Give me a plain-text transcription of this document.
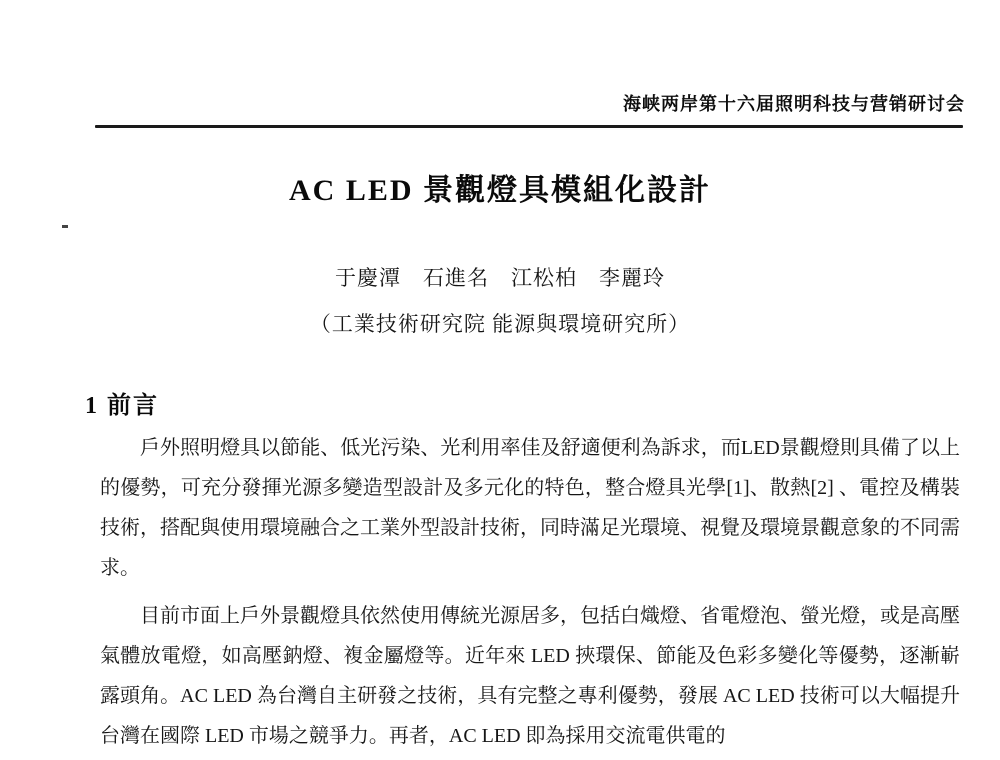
海峡两岸第十六届照明科技与营销研讨会
AC LED 景觀燈具模組化設計
于慶潭　石進名　江松柏　李麗玲
（工業技術研究院 能源與環境研究所）
1 前言

戶外照明燈具以節能、低光污染、光利用率佳及舒適便利為訴求，而LED景觀燈則具備了以上的優勢，可充分發揮光源多變造型設計及多元化的特色，整合燈具光學[1]、散熱[2] 、電控及構裝技術，搭配與使用環境融合之工業外型設計技術，同時滿足光環境、視覺及環境景觀意象的不同需求。

目前市面上戶外景觀燈具依然使用傳統光源居多，包括白熾燈、省電燈泡、螢光燈，或是高壓氣體放電燈，如高壓鈉燈、複金屬燈等。近年來 LED 挾環保、節能及色彩多變化等優勢，逐漸嶄露頭角。AC LED 為台灣自主研發之技術，具有完整之專利優勢，發展 AC LED 技術可以大幅提升台灣在國際 LED 市場之競爭力。再者，AC LED 即為採用交流電供電的
